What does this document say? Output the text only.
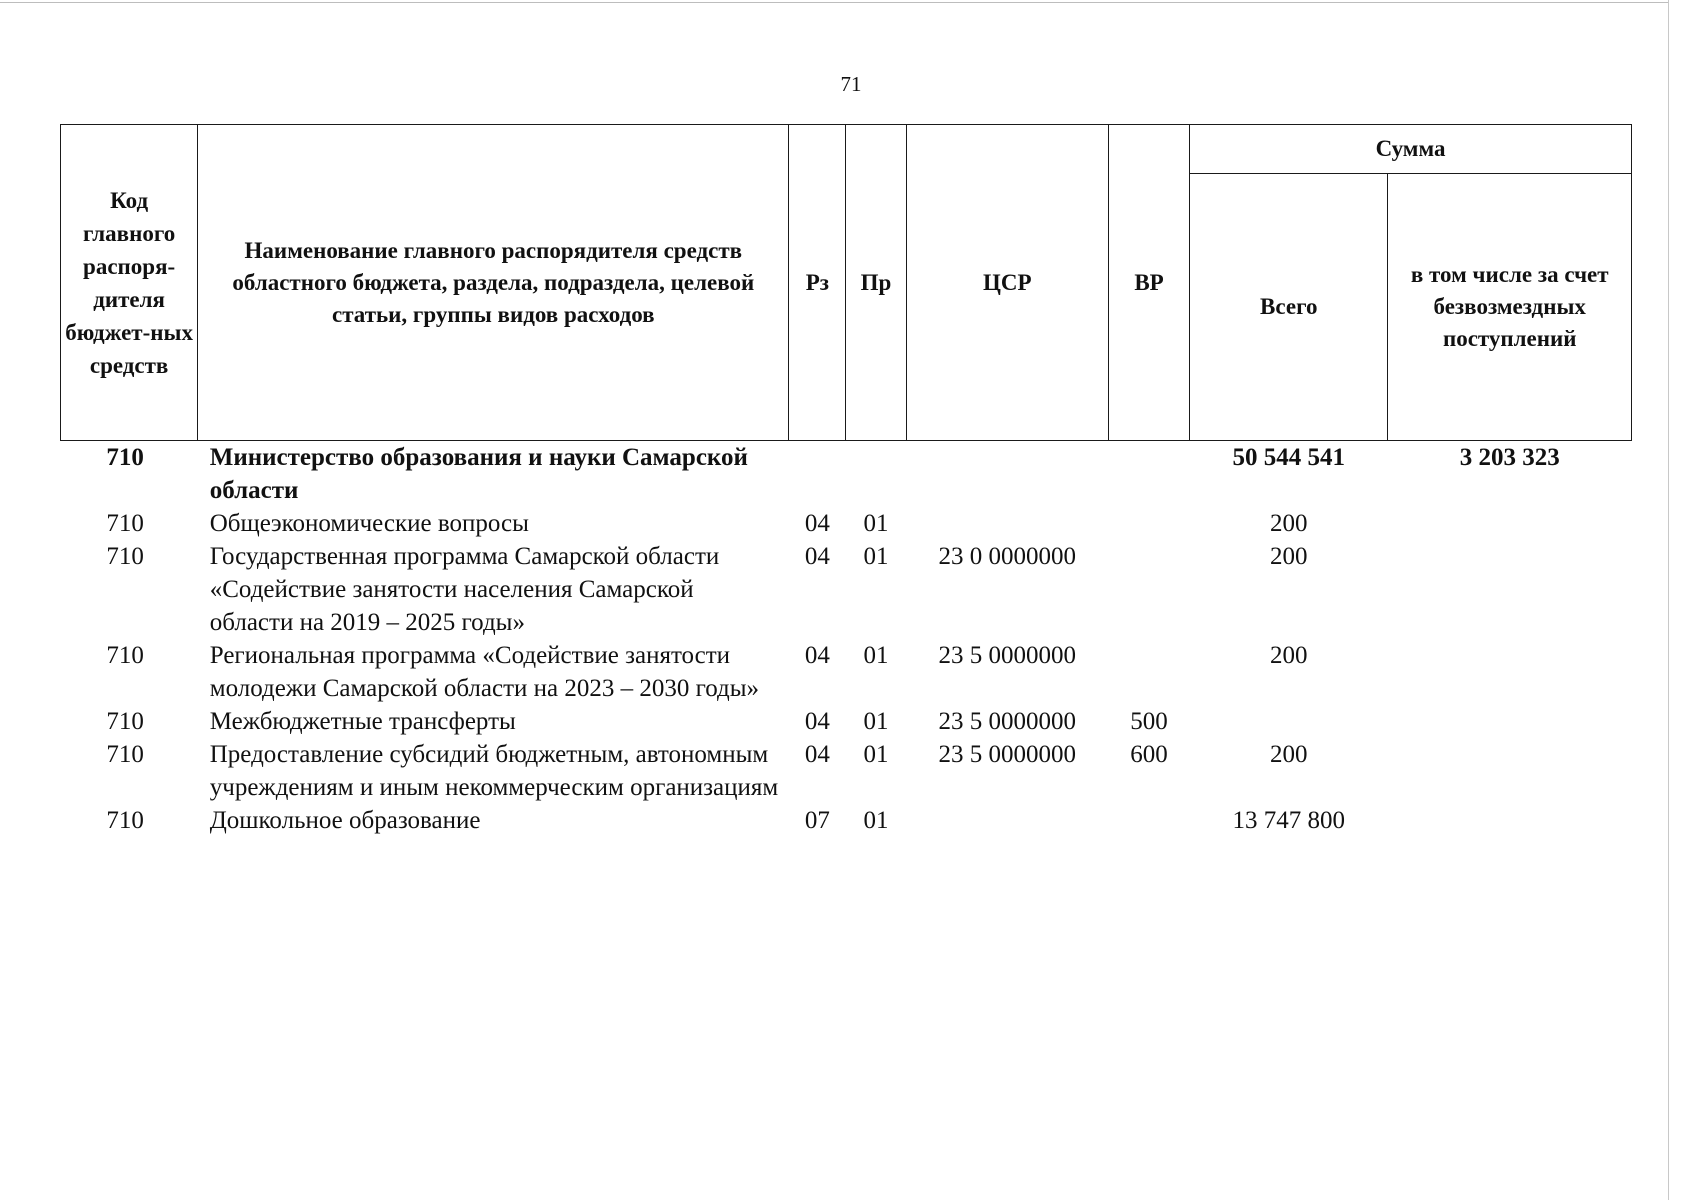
71
Код главного распоря-дителя бюджет-ных средств	Наименование главного распорядителя средств областного бюджета, раздела, подраздела, целевой статьи, группы видов расходов	Рз	Пр	ЦСР	ВР	Сумма	
						Всего	в том числе за счет безвозмездных поступлений
710	Министерство образования и науки Самарской области					50 544 541	3 203 323
710	Общеэкономические вопросы	04	01			200	
710	Государственная программа Самарской области «Содействие занятости населения Самарской области на 2019 – 2025 годы»	04	01	23 0 0000000		200	
710	Региональная программа «Содействие занятости молодежи Самарской области на 2023 – 2030 годы»	04	01	23 5 0000000		200	
710	Межбюджетные трансферты	04	01	23 5 0000000	500		
710	Предоставление субсидий бюджетным, автономным учреждениям и иным некоммерческим организациям	04	01	23 5 0000000	600	200	
710	Дошкольное образование	07	01			13 747 800	
